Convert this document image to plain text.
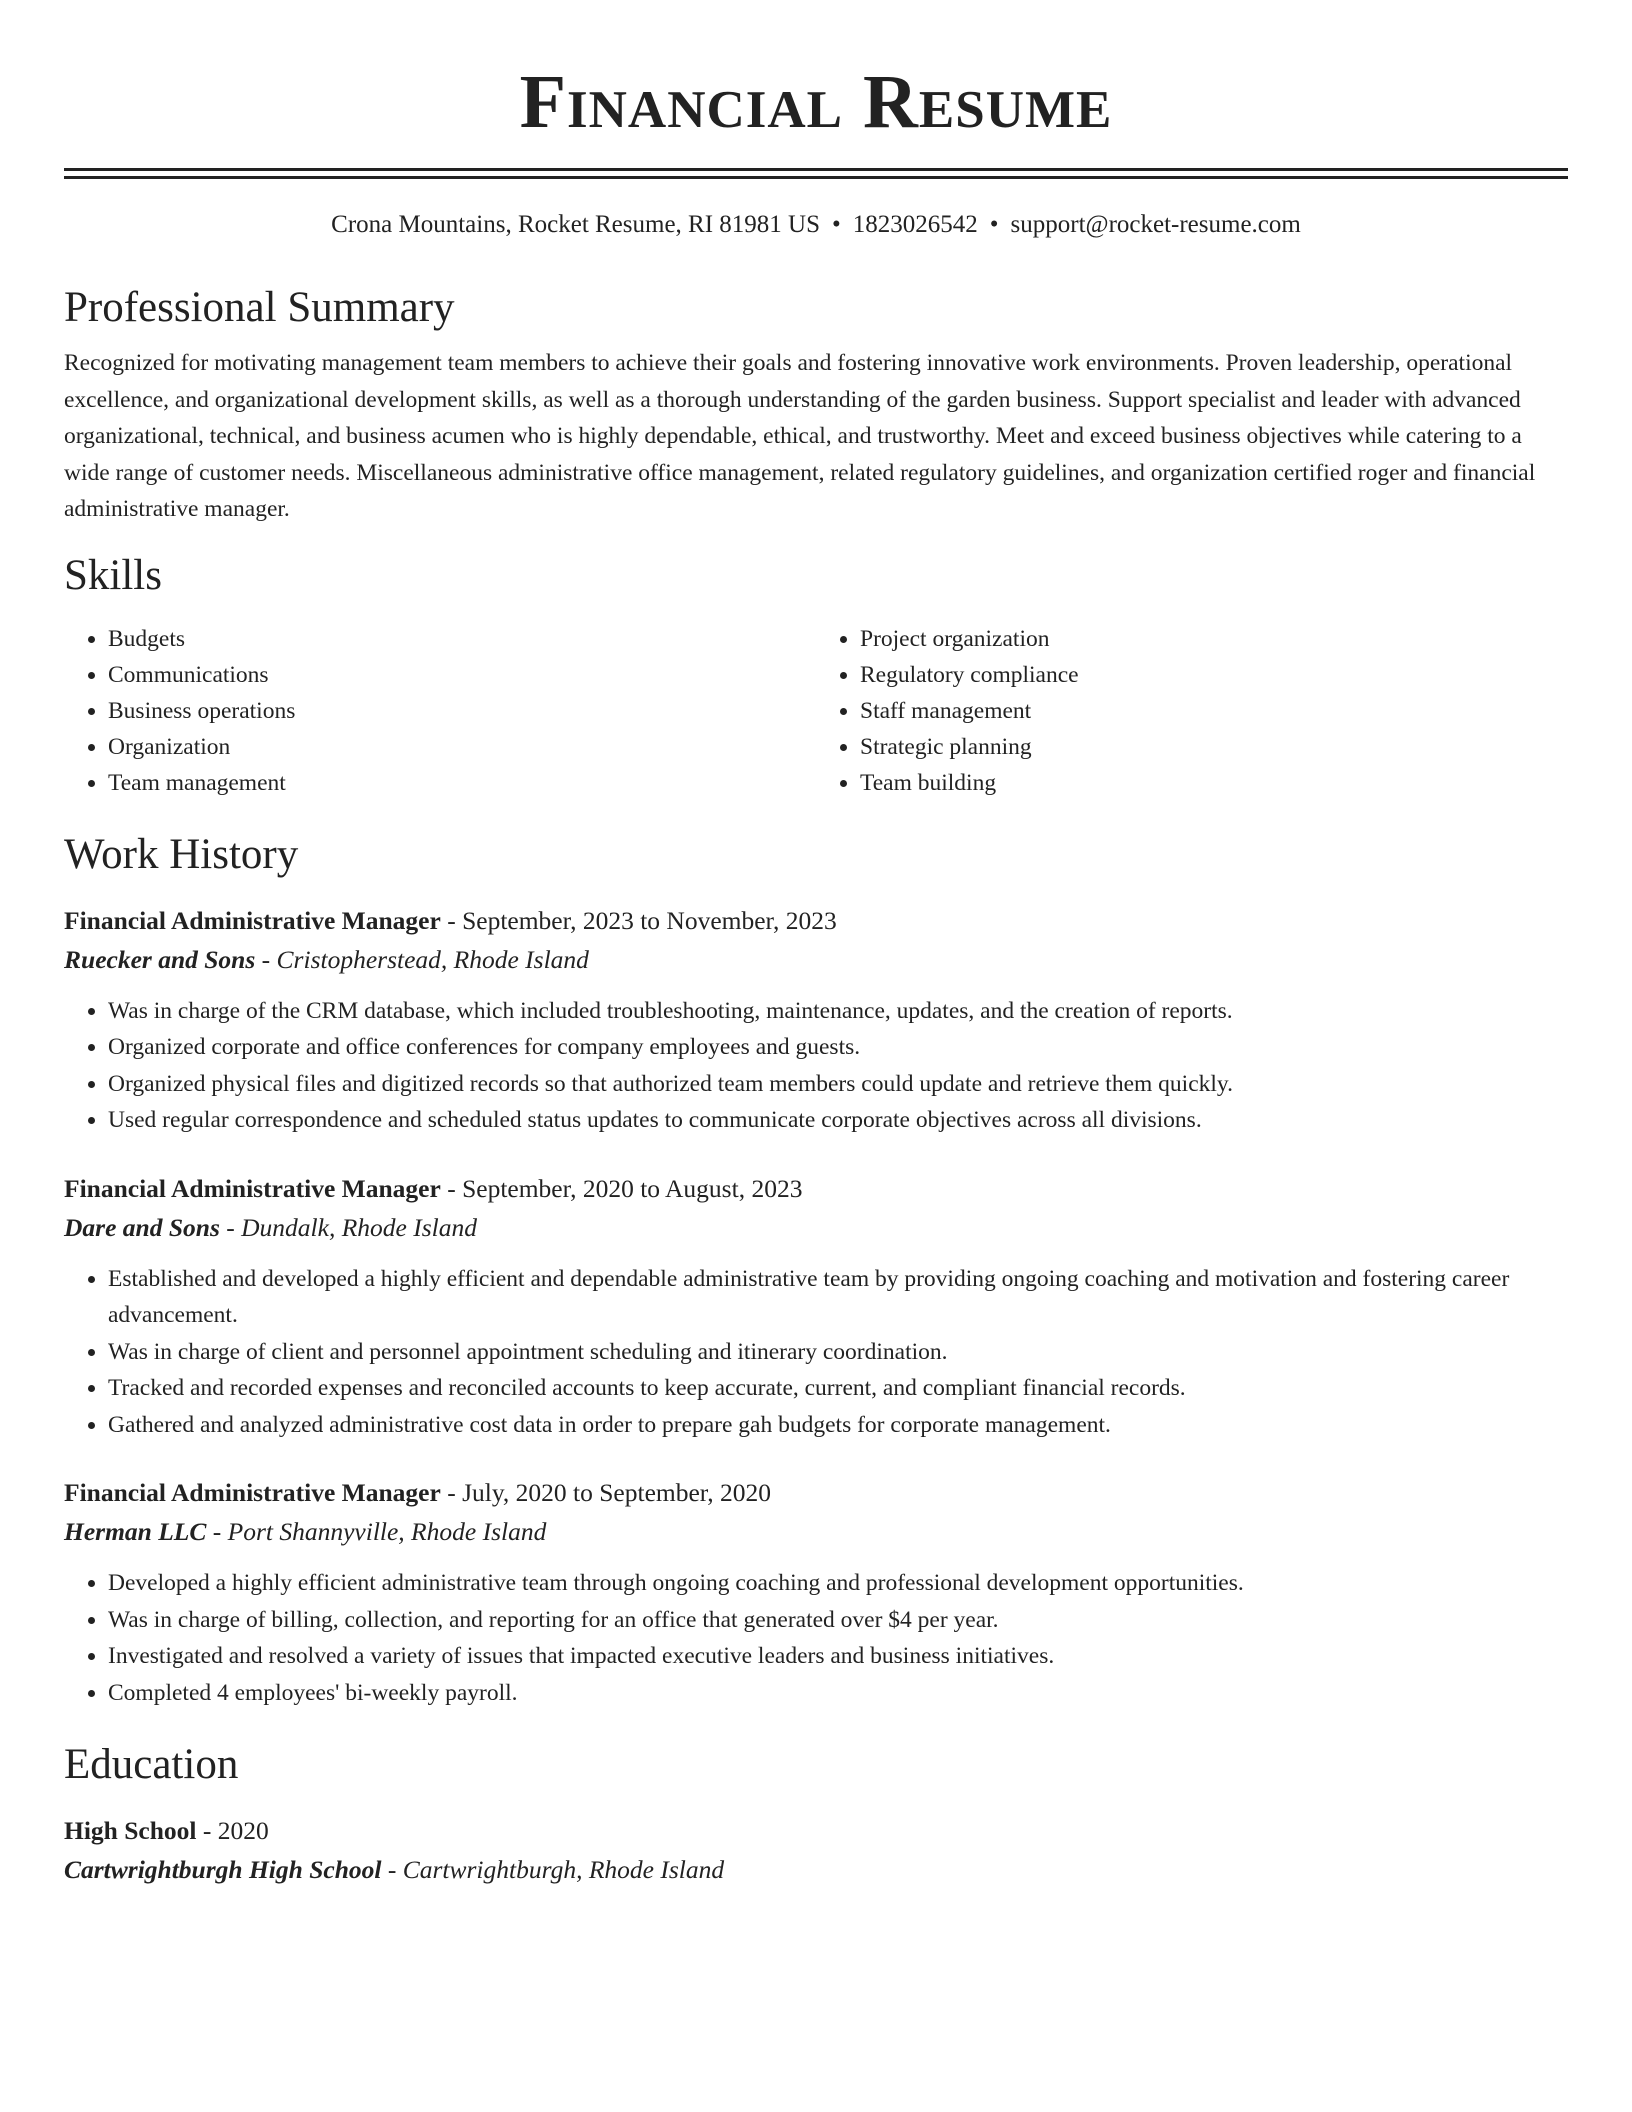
Financial Resume
Crona Mountains, Rocket Resume, RI 81981 US • 1823026542 • support@rocket-resume.com
Professional Summary

Recognized for motivating management team members to achieve their goals and fostering innovative work environments. Proven leadership, operational excellence, and organizational development skills, as well as a thorough understanding of the garden business. Support specialist and leader with advanced organizational, technical, and business acumen who is highly dependable, ethical, and trustworthy. Meet and exceed business objectives while catering to a wide range of customer needs. Miscellaneous administrative office management, related regulatory guidelines, and organization certified roger and financial administrative manager.

Skills
• Budgets
• Communications
• Business operations
• Organization
• Team management
• Project organization
• Regulatory compliance
• Staff management
• Strategic planning
• Team building
Work History
Financial Administrative Manager - September, 2023 to November, 2023
Ruecker and Sons - Cristopherstead, Rhode Island
• Was in charge of the CRM database, which included troubleshooting, maintenance, updates, and the creation of reports.
• Organized corporate and office conferences for company employees and guests.
• Organized physical files and digitized records so that authorized team members could update and retrieve them quickly.
• Used regular correspondence and scheduled status updates to communicate corporate objectives across all divisions.
Financial Administrative Manager - September, 2020 to August, 2023
Dare and Sons - Dundalk, Rhode Island
• Established and developed a highly efficient and dependable administrative team by providing ongoing coaching and motivation and fostering career advancement.
• Was in charge of client and personnel appointment scheduling and itinerary coordination.
• Tracked and recorded expenses and reconciled accounts to keep accurate, current, and compliant financial records.
• Gathered and analyzed administrative cost data in order to prepare gah budgets for corporate management.
Financial Administrative Manager - July, 2020 to September, 2020
Herman LLC - Port Shannyville, Rhode Island
• Developed a highly efficient administrative team through ongoing coaching and professional development opportunities.
• Was in charge of billing, collection, and reporting for an office that generated over $4 per year.
• Investigated and resolved a variety of issues that impacted executive leaders and business initiatives.
• Completed 4 employees' bi-weekly payroll.
Education
High School - 2020
Cartwrightburgh High School - Cartwrightburgh, Rhode Island
